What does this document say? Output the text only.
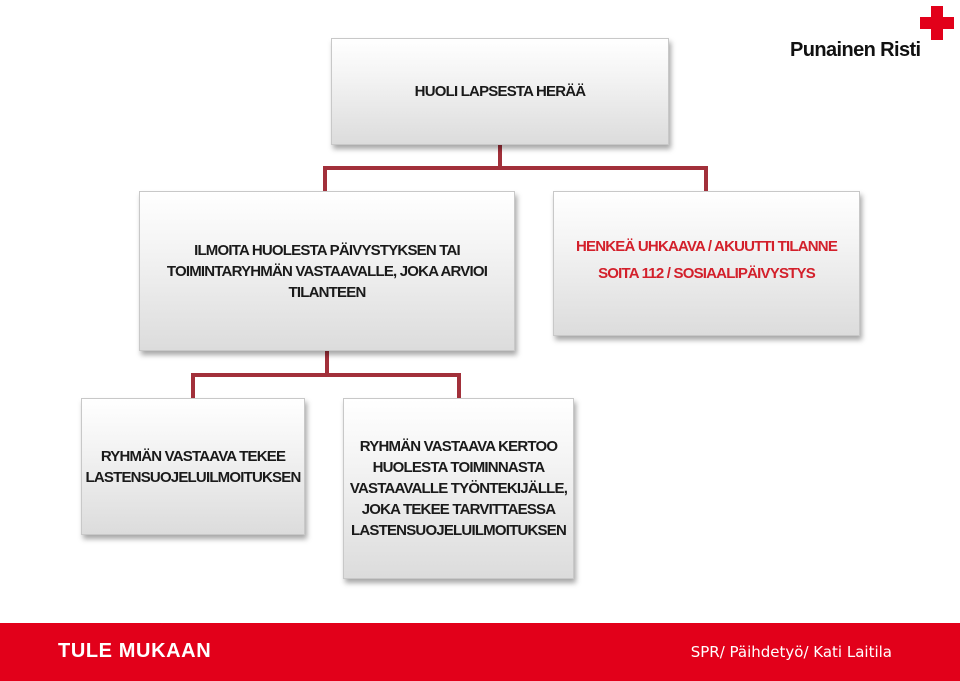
Punainen Risti
HUOLI LAPSESTA HERÄÄ
ILMOITA HUOLESTA PÄIVYSTYKSEN TAI
TOIMINTARYHMÄN VASTAAVALLE, JOKA ARVIOI
TILANTEEN
HENKEÄ UHKAAVA / AKUUTTI TILANNE
SOITA 112 / SOSIAALIPÄIVYSTYS
RYHMÄN VASTAAVA TEKEE
LASTENSUOJELUILMOITUKSEN
RYHMÄN VASTAAVA KERTOO
HUOLESTA TOIMINNASTA
VASTAAVALLE TYÖNTEKIJÄLLE,
JOKA TEKEE TARVITTAESSA
LASTENSUOJELUILMOITUKSEN
TULE MUKAAN	SPR/ Päihdetyö/ Kati Laitila
